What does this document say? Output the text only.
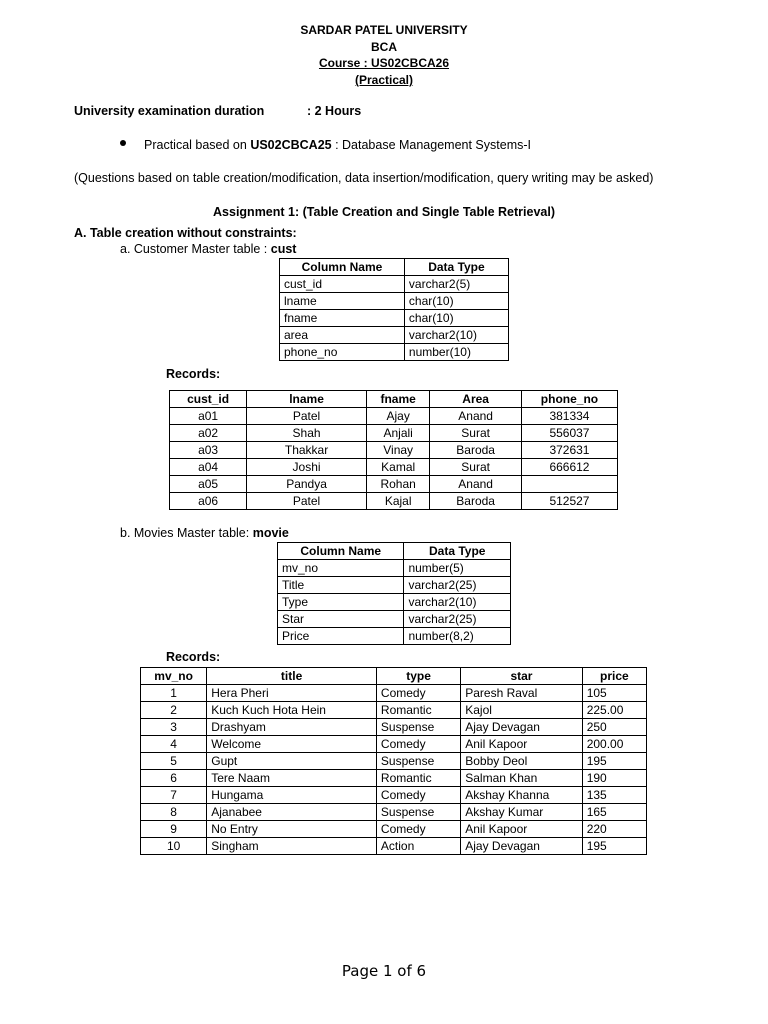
SARDAR PATEL UNIVERSITY
BCA
Course : US02CBCA26
(Practical)
University examination duration	: 2 Hours
Practical based on US02CBCA25 : Database Management Systems-I
(Questions based on table creation/modification, data insertion/modification, query writing may be asked)
Assignment 1: (Table Creation and Single Table Retrieval)
A. Table creation without constraints:
a. Customer Master table : cust
Column Name	Data Type
cust_id	varchar2(5)
lname	char(10)
fname	char(10)
area	varchar2(10)
phone_no	number(10)
Records:
cust_id	lname	fname	Area	phone_no
a01	Patel	Ajay	Anand	381334
a02	Shah	Anjali	Surat	556037
a03	Thakkar	Vinay	Baroda	372631
a04	Joshi	Kamal	Surat	666612
a05	Pandya	Rohan	Anand	
a06	Patel	Kajal	Baroda	512527
b. Movies Master table: movie
Column Name	Data Type
mv_no	number(5)
Title	varchar2(25)
Type	varchar2(10)
Star	varchar2(25)
Price	number(8,2)
Records:
mv_no	title	type	star	price
1	Hera Pheri	Comedy	Paresh Raval	105
2	Kuch Kuch Hota Hein	Romantic	Kajol	225.00
3	Drashyam	Suspense	Ajay Devagan	250
4	Welcome	Comedy	Anil Kapoor	200.00
5	Gupt	Suspense	Bobby Deol	195
6	Tere Naam	Romantic	Salman Khan	190
7	Hungama	Comedy	Akshay Khanna	135
8	Ajanabee	Suspense	Akshay Kumar	165
9	No Entry	Comedy	Anil Kapoor	220
10	Singham	Action	Ajay Devagan	195
Page 1 of 6
